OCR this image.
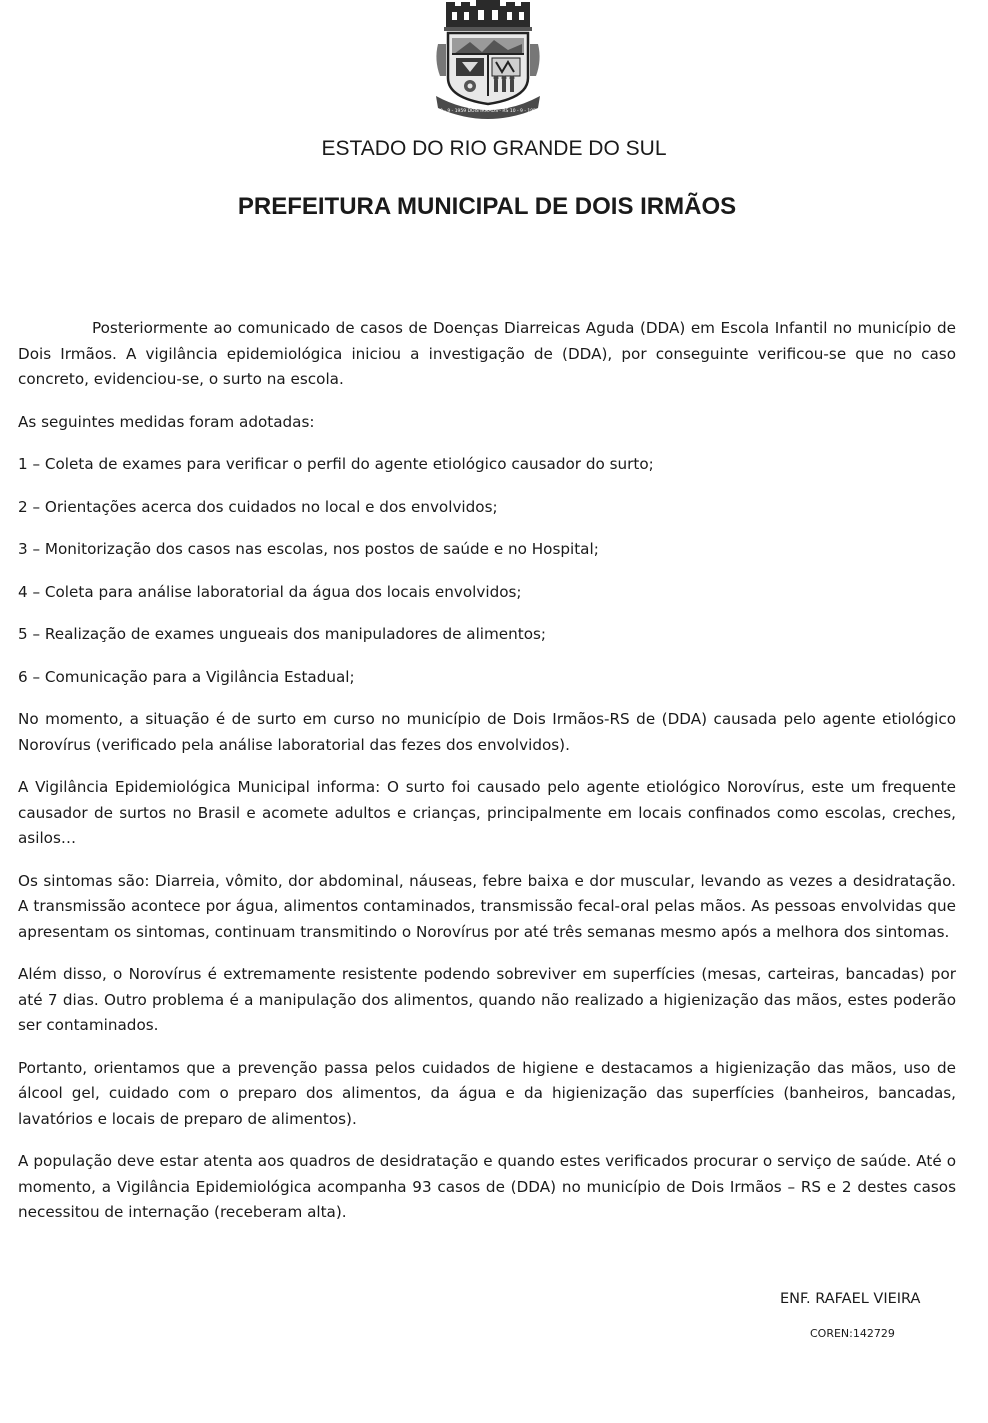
10 - 9 - 1959 DOIS IRMÃOS - RS 10 - 9 - 1959
ESTADO DO RIO GRANDE DO SUL
PREFEITURA MUNICIPAL DE DOIS IRMÃOS

Posteriormente ao comunicado de casos de Doenças Diarreicas Aguda (DDA) em Escola Infantil no município de Dois Irmãos. A vigilância epidemiológica iniciou a investigação de (DDA), por conseguinte verificou-se que no caso concreto, evidenciou-se, o surto na escola.

As seguintes medidas foram adotadas:

1 – Coleta de exames para verificar o perfil do agente etiológico causador do surto;
2 – Orientações acerca dos cuidados no local e dos envolvidos;
3 – Monitorização dos casos nas escolas, nos postos de saúde e no Hospital;
4 – Coleta para análise laboratorial da água dos locais envolvidos;
5 – Realização de exames ungueais dos manipuladores de alimentos;
6 – Comunicação para a Vigilância Estadual;

No momento, a situação é de surto em curso no município de Dois Irmãos-RS de (DDA) causada pelo agente etiológico Norovírus (verificado pela análise laboratorial das fezes dos envolvidos).

A Vigilância Epidemiológica Municipal informa: O surto foi causado pelo agente etiológico Norovírus, este um frequente causador de surtos no Brasil e acomete adultos e crianças, principalmente em locais confinados como escolas, creches, asilos…

Os sintomas são: Diarreia, vômito, dor abdominal, náuseas, febre baixa e dor muscular, levando as vezes a desidratação. A transmissão acontece por água, alimentos contaminados, transmissão fecal-oral pelas mãos. As pessoas envolvidas que apresentam os sintomas, continuam transmitindo o Norovírus por até três semanas mesmo após a melhora dos sintomas.

Além disso, o Norovírus é extremamente resistente podendo sobreviver em superfícies (mesas, carteiras, bancadas) por até 7 dias. Outro problema é a manipulação dos alimentos, quando não realizado a higienização das mãos, estes poderão ser contaminados.

Portanto, orientamos que a prevenção passa pelos cuidados de higiene e destacamos a higienização das mãos, uso de álcool gel, cuidado com o preparo dos alimentos, da água e da higienização das superfícies (banheiros, bancadas, lavatórios e locais de preparo de alimentos).

A população deve estar atenta aos quadros de desidratação e quando estes verificados procurar o serviço de saúde. Até o momento, a Vigilância Epidemiológica acompanha 93 casos de (DDA) no município de Dois Irmãos – RS e 2 destes casos necessitou de internação (receberam alta).

ENF. RAFAEL VIEIRA
COREN:142729
